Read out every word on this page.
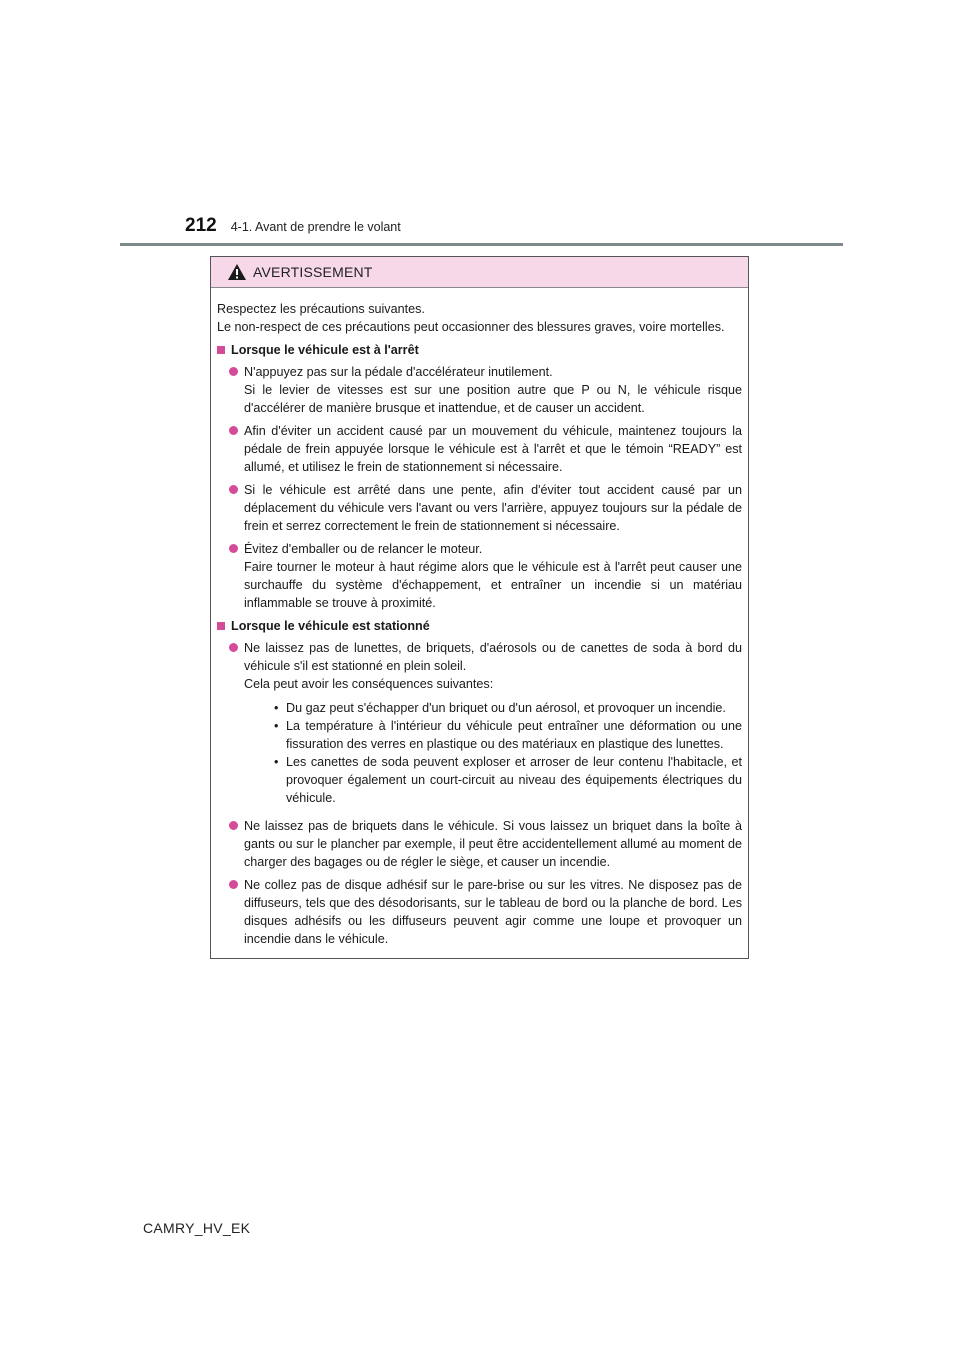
212 4-1. Avant de prendre le volant
AVERTISSEMENT

Respectez les précautions suivantes.

Le non-respect de ces précautions peut occasionner des blessures graves, voire mortelles.

Lorsque le véhicule est à l'arrêt

N'appuyez pas sur la pédale d'accélérateur inutilement.

Si le levier de vitesses est sur une position autre que P ou N, le véhicule risque d'accélérer de manière brusque et inattendue, et de causer un accident.

Afin d'éviter un accident causé par un mouvement du véhicule, maintenez toujours la pédale de frein appuyée lorsque le véhicule est à l'arrêt et que le témoin “READY” est allumé, et utilisez le frein de stationnement si nécessaire.

Si le véhicule est arrêté dans une pente, afin d'éviter tout accident causé par un déplacement du véhicule vers l'avant ou vers l'arrière, appuyez toujours sur la pédale de frein et serrez correctement le frein de stationnement si nécessaire.

Évitez d'emballer ou de relancer le moteur.

Faire tourner le moteur à haut régime alors que le véhicule est à l'arrêt peut causer une surchauffe du système d'échappement, et entraîner un incendie si un matériau inflammable se trouve à proximité.

Lorsque le véhicule est stationné

Ne laissez pas de lunettes, de briquets, d'aérosols ou de canettes de soda à bord du véhicule s'il est stationné en plein soleil.

Cela peut avoir les conséquences suivantes:

• Du gaz peut s'échapper d'un briquet ou d'un aérosol, et provoquer un incendie.
• La température à l'intérieur du véhicule peut entraîner une déformation ou une fissuration des verres en plastique ou des matériaux en plastique des lunettes.
• Les canettes de soda peuvent exploser et arroser de leur contenu l'habitacle, et provoquer également un court-circuit au niveau des équipements électriques du véhicule.

Ne laissez pas de briquets dans le véhicule. Si vous laissez un briquet dans la boîte à gants ou sur le plancher par exemple, il peut être accidentellement allumé au moment de charger des bagages ou de régler le siège, et causer un incendie.

Ne collez pas de disque adhésif sur le pare-brise ou sur les vitres. Ne disposez pas de diffuseurs, tels que des désodorisants, sur le tableau de bord ou la planche de bord. Les disques adhésifs ou les diffuseurs peuvent agir comme une loupe et provoquer un incendie dans le véhicule.

CAMRY_HV_EK
